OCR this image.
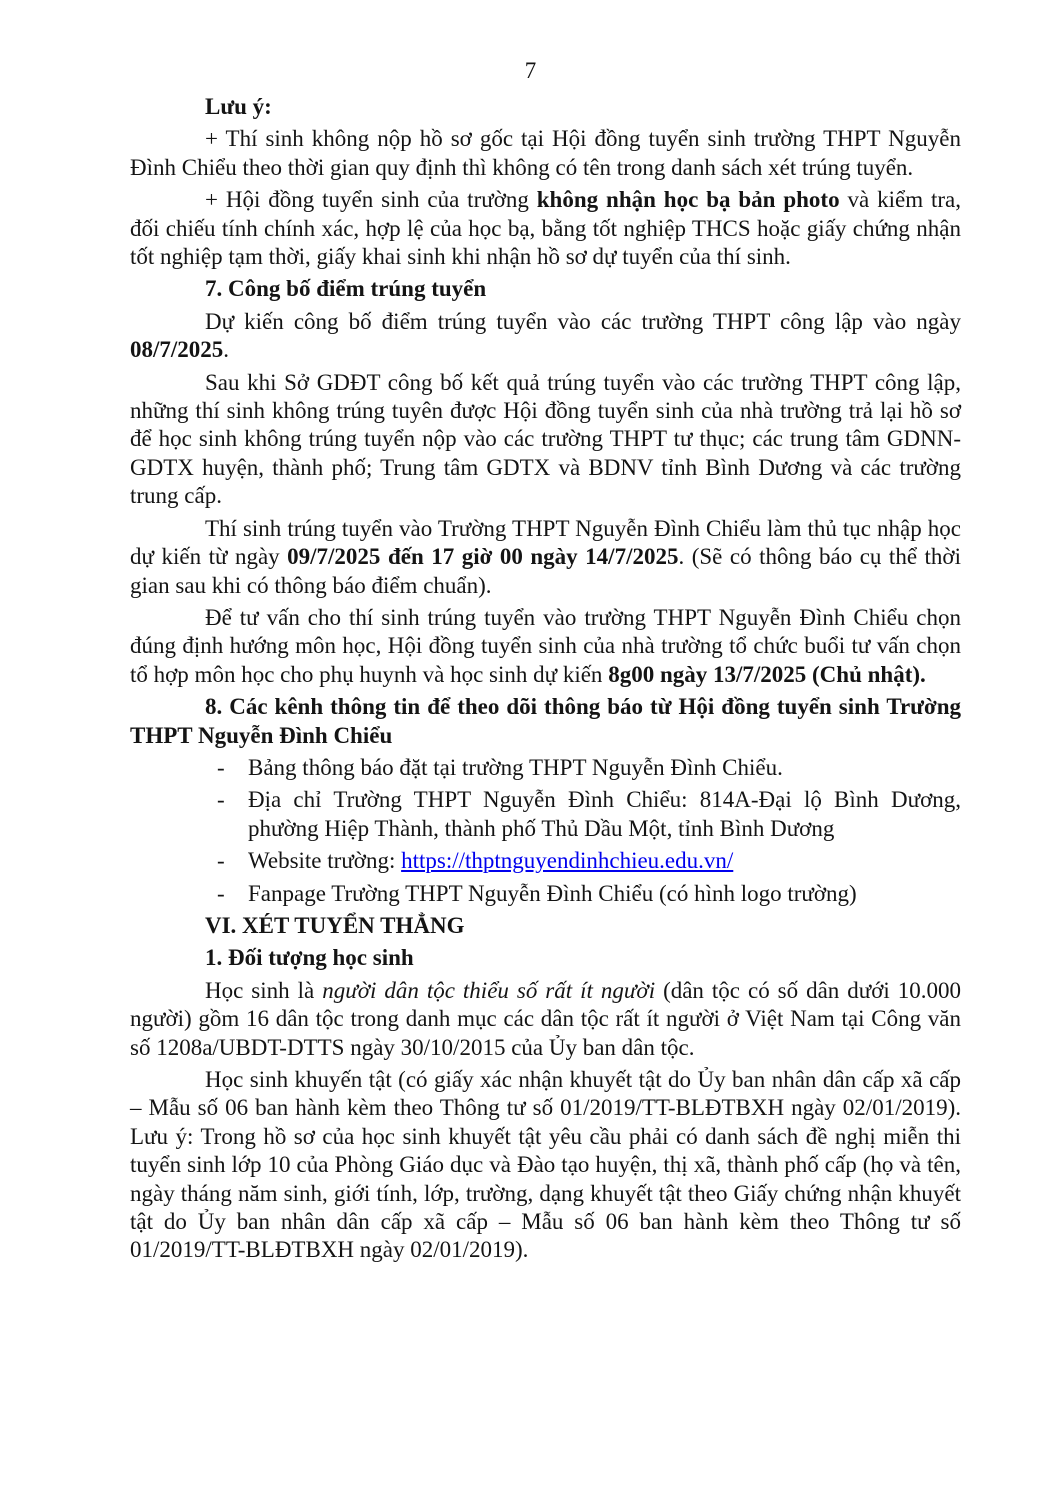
7

Lưu ý:

+ Thí sinh không nộp hồ sơ gốc tại Hội đồng tuyển sinh trường THPT Nguyễn Đình Chiểu theo thời gian quy định thì không có tên trong danh sách xét trúng tuyển.

+ Hội đồng tuyển sinh của trường không nhận học bạ bản photo và kiểm tra, đối chiếu tính chính xác, hợp lệ của học bạ, bằng tốt nghiệp THCS hoặc giấy chứng nhận tốt nghiệp tạm thời, giấy khai sinh khi nhận hồ sơ dự tuyển của thí sinh.

7. Công bố điểm trúng tuyển

Dự kiến công bố điểm trúng tuyển vào các trường THPT công lập vào ngày 08/7/2025.

Sau khi Sở GDĐT công bố kết quả trúng tuyển vào các trường THPT công lập, những thí sinh không trúng tuyên được Hội đồng tuyển sinh của nhà trường trả lại hồ sơ để học sinh không trúng tuyển nộp vào các trường THPT tư thục; các trung tâm GDNN-GDTX huyện, thành phố; Trung tâm GDTX và BDNV tỉnh Bình Dương và các trường trung cấp.

Thí sinh trúng tuyển vào Trường THPT Nguyễn Đình Chiểu làm thủ tục nhập học dự kiến từ ngày 09/7/2025 đến 17 giờ 00 ngày 14/7/2025. (Sẽ có thông báo cụ thể thời gian sau khi có thông báo điểm chuẩn).

Để tư vấn cho thí sinh trúng tuyển vào trường THPT Nguyễn Đình Chiểu chọn đúng định hướng môn học, Hội đồng tuyển sinh của nhà trường tổ chức buổi tư vấn chọn tổ hợp môn học cho phụ huynh và học sinh dự kiến 8g00 ngày 13/7/2025 (Chủ nhật).

8. Các kênh thông tin để theo dõi thông báo từ Hội đồng tuyển sinh Trường THPT Nguyễn Đình Chiểu

-	Bảng thông báo đặt tại trường THPT Nguyễn Đình Chiểu.
-	Địa chỉ Trường THPT Nguyễn Đình Chiểu: 814A-Đại lộ Bình Dương, phường Hiệp Thành, thành phố Thủ Dầu Một, tỉnh Bình Dương
-	Website trường: https://thptnguyendinhchieu.edu.vn/
-	Fanpage Trường THPT Nguyễn Đình Chiểu (có hình logo trường)

VI. XÉT TUYỂN THẲNG

1. Đối tượng học sinh

Học sinh là người dân tộc thiểu số rất ít người (dân tộc có số dân dưới 10.000 người) gồm 16 dân tộc trong danh mục các dân tộc rất ít người ở Việt Nam tại Công văn số 1208a/UBDT-DTTS ngày 30/10/2015 của Ủy ban dân tộc.

Học sinh khuyến tật (có giấy xác nhận khuyết tật do Ủy ban nhân dân cấp xã cấp – Mẫu số 06 ban hành kèm theo Thông tư số 01/2019/TT-BLĐTBXH ngày 02/01/2019). Lưu ý: Trong hồ sơ của học sinh khuyết tật yêu cầu phải có danh sách đề nghị miễn thi tuyển sinh lớp 10 của Phòng Giáo dục và Đào tạo huyện, thị xã, thành phố cấp (họ và tên, ngày tháng năm sinh, giới tính, lớp, trường, dạng khuyết tật theo Giấy chứng nhận khuyết tật do Ủy ban nhân dân cấp xã cấp – Mẫu số 06 ban hành kèm theo Thông tư số 01/2019/TT-BLĐTBXH ngày 02/01/2019).
